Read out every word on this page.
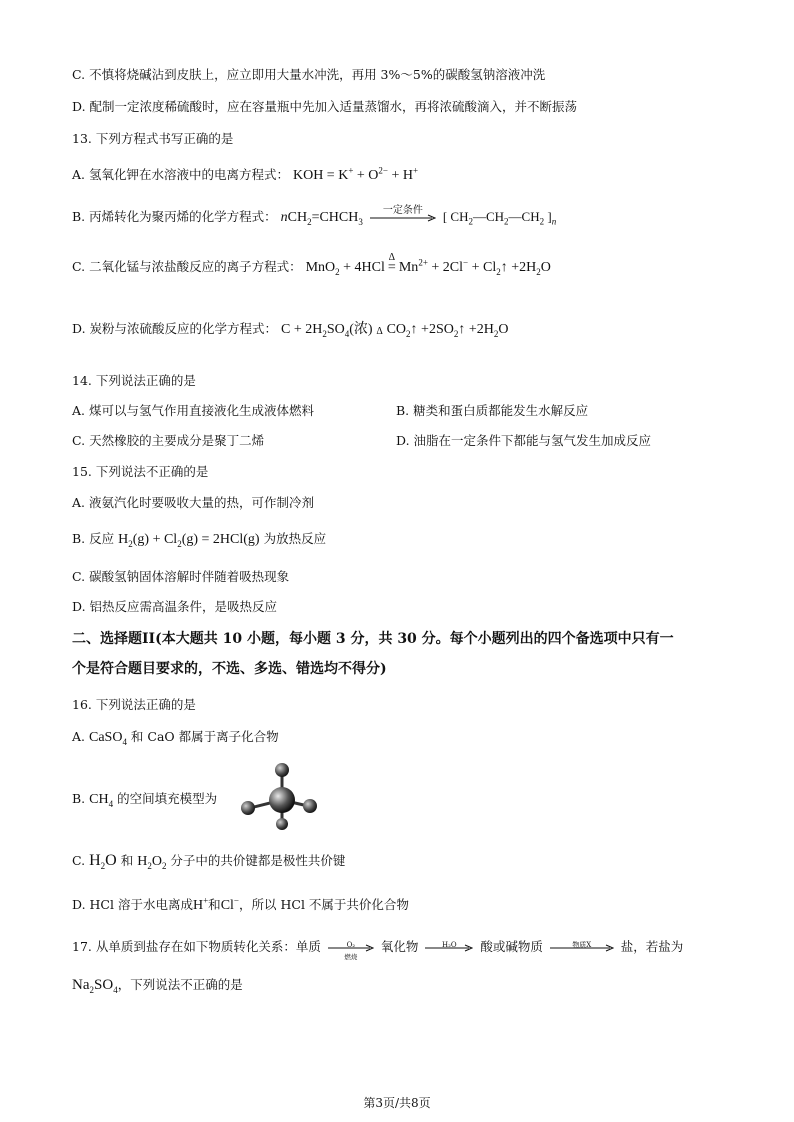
C. 不慎将烧碱沾到皮肤上，应立即用大量水冲洗，再用 3%～5%的碳酸氢钠溶液冲洗
D. 配制一定浓度稀硫酸时，应在容量瓶中先加入适量蒸馏水，再将浓硫酸滴入，并不断振荡
13. 下列方程式书写正确的是
A. 氢氧化钾在水溶液中的电离方程式： KOH = $K^+ + O^{2-} + H^+$
B. 丙烯转化为聚丙烯的化学方程式： $nCH_2=CHCH_3$
一定条件	[ $CH_2—CH_2—CH_2$ ]$_n$
C. 二氧化锰与浓盐酸反应的离子方程式： MnO$_2$ + 4HCl
Δ
= $Mn^{2+} + 2Cl^-$ + $Cl_2↑ +2H_2O$
D. 炭粉与浓硫酸反应的化学方程式： $C + 2H_2SO_4$(浓) Δ $CO_2↑$ $+2SO_2↑ +2H_2O$
14. 下列说法正确的是
A. 煤可以与氢气作用直接液化生成液体燃料	B. 糖类和蛋白质都能发生水解反应
C. 天然橡胶的主要成分是聚丁二烯	D. 油脂在一定条件下都能与氢气发生加成反应
15. 下列说法不正确的是
A. 液氨汽化时要吸收大量的热，可作制冷剂
B. 反应 $H_2(g) + Cl_2(g) = 2HCl(g)$ 为放热反应
C. 碳酸氢钠固体溶解时伴随着吸热现象
D. 铝热反应需高温条件，是吸热反应
二、选择题II(本大题共 10 小题，每小题 3 分，共 30 分。每个小题列出的四个备选项中只有一
个是符合题目要求的，不选、多选、错选均不得分)
16. 下列说法正确的是
A. CaSO$_4$ 和 CaO 都属于离子化合物
B. $CH_4$ 的空间填充模型为
C. $H_2O$ 和 $H_2O_2$ 分子中的共价键都是极性共价键
D. HCl 溶于水电离成H+和Cl−，所以 HCl 不属于共价化合物
17. 从单质到盐存在如下物质转化关系：单质	O₂
燃烧
氧化物	H₂O	酸或碱物质	物质X	盐，若盐为
$Na_2SO_4$，下列说法不正确的是
第3页/共8页
